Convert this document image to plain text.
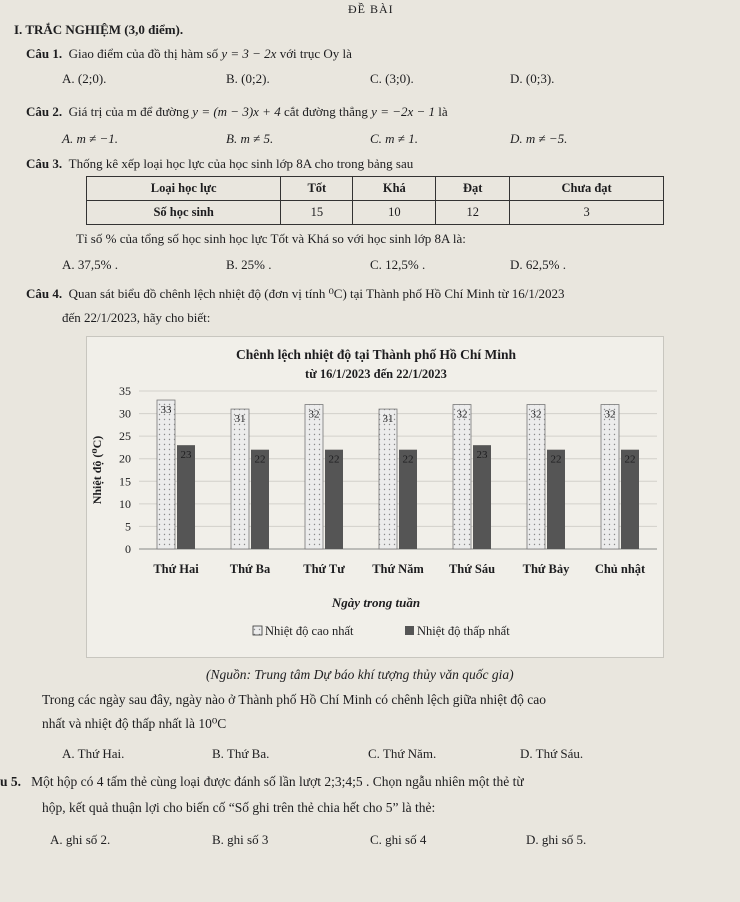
ĐỀ BÀI
I. TRẮC NGHIỆM (3,0 điểm).
Câu 1. Giao điểm của đồ thị hàm số y = 3 − 2x với trục Oy là
A. (2;0).	B. (0;2).	C. (3;0).	D. (0;3).
Câu 2. Giá trị của m để đường y = (m − 3)x + 4 cắt đường thẳng y = −2x − 1 là
A. m ≠ −1.	B. m ≠ 5.	C. m ≠ 1.	D. m ≠ −5.
Câu 3. Thống kê xếp loại học lực của học sinh lớp 8A cho trong bảng sau
Loại học lực	Tốt	Khá	Đạt	Chưa đạt
Số học sinh	15	10	12	3
Tỉ số % của tổng số học sinh học lực Tốt và Khá so với học sinh lớp 8A là:
A. 37,5% .	B. 25% .	C. 12,5% .	D. 62,5% .
Câu 4. Quan sát biểu đồ chênh lệch nhiệt độ (đơn vị tính ⁰C) tại Thành phố Hồ Chí Minh từ 16/1/2023
đến 22/1/2023, hãy cho biết:
Chênh lệch nhiệt độ tại Thành phố Hồ Chí Minh
từ 16/1/2023 đến 22/1/2023
0
5
10
15
20
25
30
35
Nhiệt độ (⁰C)
33
23
Thứ Hai
31
22
Thứ Ba
32
22
Thứ Tư
31
22
Thứ Năm
32
23
Thứ Sáu
32
22
Thứ Bảy
32
22
Chủ nhật
Ngày trong tuần
Nhiệt độ cao nhất	Nhiệt độ thấp nhất
(Nguồn: Trung tâm Dự báo khí tượng thủy văn quốc gia)
Trong các ngày sau đây, ngày nào ở Thành phố Hồ Chí Minh có chênh lệch giữa nhiệt độ cao
nhất và nhiệt độ thấp nhất là 10⁰C
A. Thứ Hai.	B. Thứ Ba.	C. Thứ Năm.	D. Thứ Sáu.
u 5. Một hộp có 4 tấm thẻ cùng loại được đánh số lần lượt 2;3;4;5 . Chọn ngẫu nhiên một thẻ từ
hộp, kết quả thuận lợi cho biến cố “Số ghi trên thẻ chia hết cho 5” là thẻ:
A. ghi số 2.	B. ghi số 3	C. ghi số 4	D. ghi số 5.
